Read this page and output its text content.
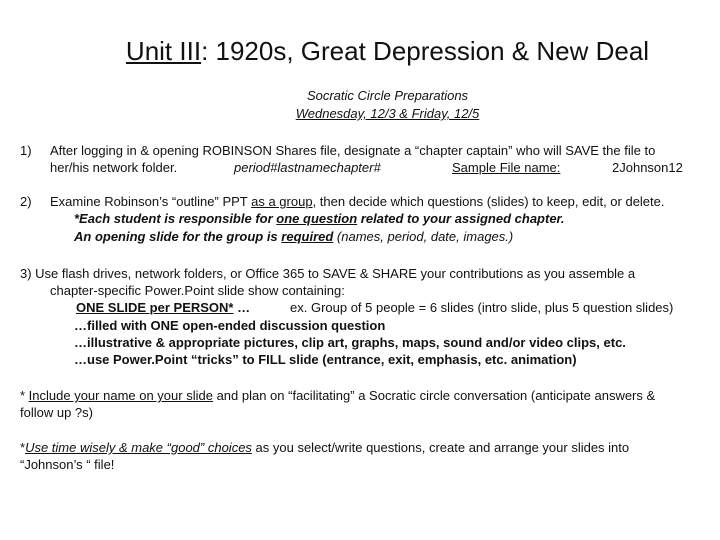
Unit III: 1920s, Great Depression & New Deal
Socratic Circle Preparations
Wednesday, 12/3 & Friday, 12/5
1) After logging in & opening ROBINSON Shares file, designate a “chapter captain” who will SAVE the file to
her/his network folder.	period#lastnamechapter#	Sample File name:	2Johnson12
2) Examine Robinson’s “outline” PPT as a group, then decide which questions (slides) to keep, edit, or delete.
*Each student is responsible for one question related to your assigned chapter.
An opening slide for the group is required (names, period, date, images.)
3) Use flash drives, network folders, or Office 365 to SAVE & SHARE your contributions as you assemble a
chapter-specific Power.Point slide show containing:
ONE SLIDE per PERSON* …	ex. Group of 5 people = 6 slides (intro slide, plus 5 question slides)
…filled with ONE open-ended discussion question
…illustrative & appropriate pictures, clip art, graphs, maps, sound and/or video clips, etc.
…use Power.Point “tricks” to FILL slide (entrance, exit, emphasis, etc. animation)
* Include your name on your slide and plan on “facilitating” a Socratic circle conversation (anticipate answers &
follow up ?s)
*Use time wisely & make “good” choices as you select/write questions, create and arrange your slides into
“Johnson’s “ file!
